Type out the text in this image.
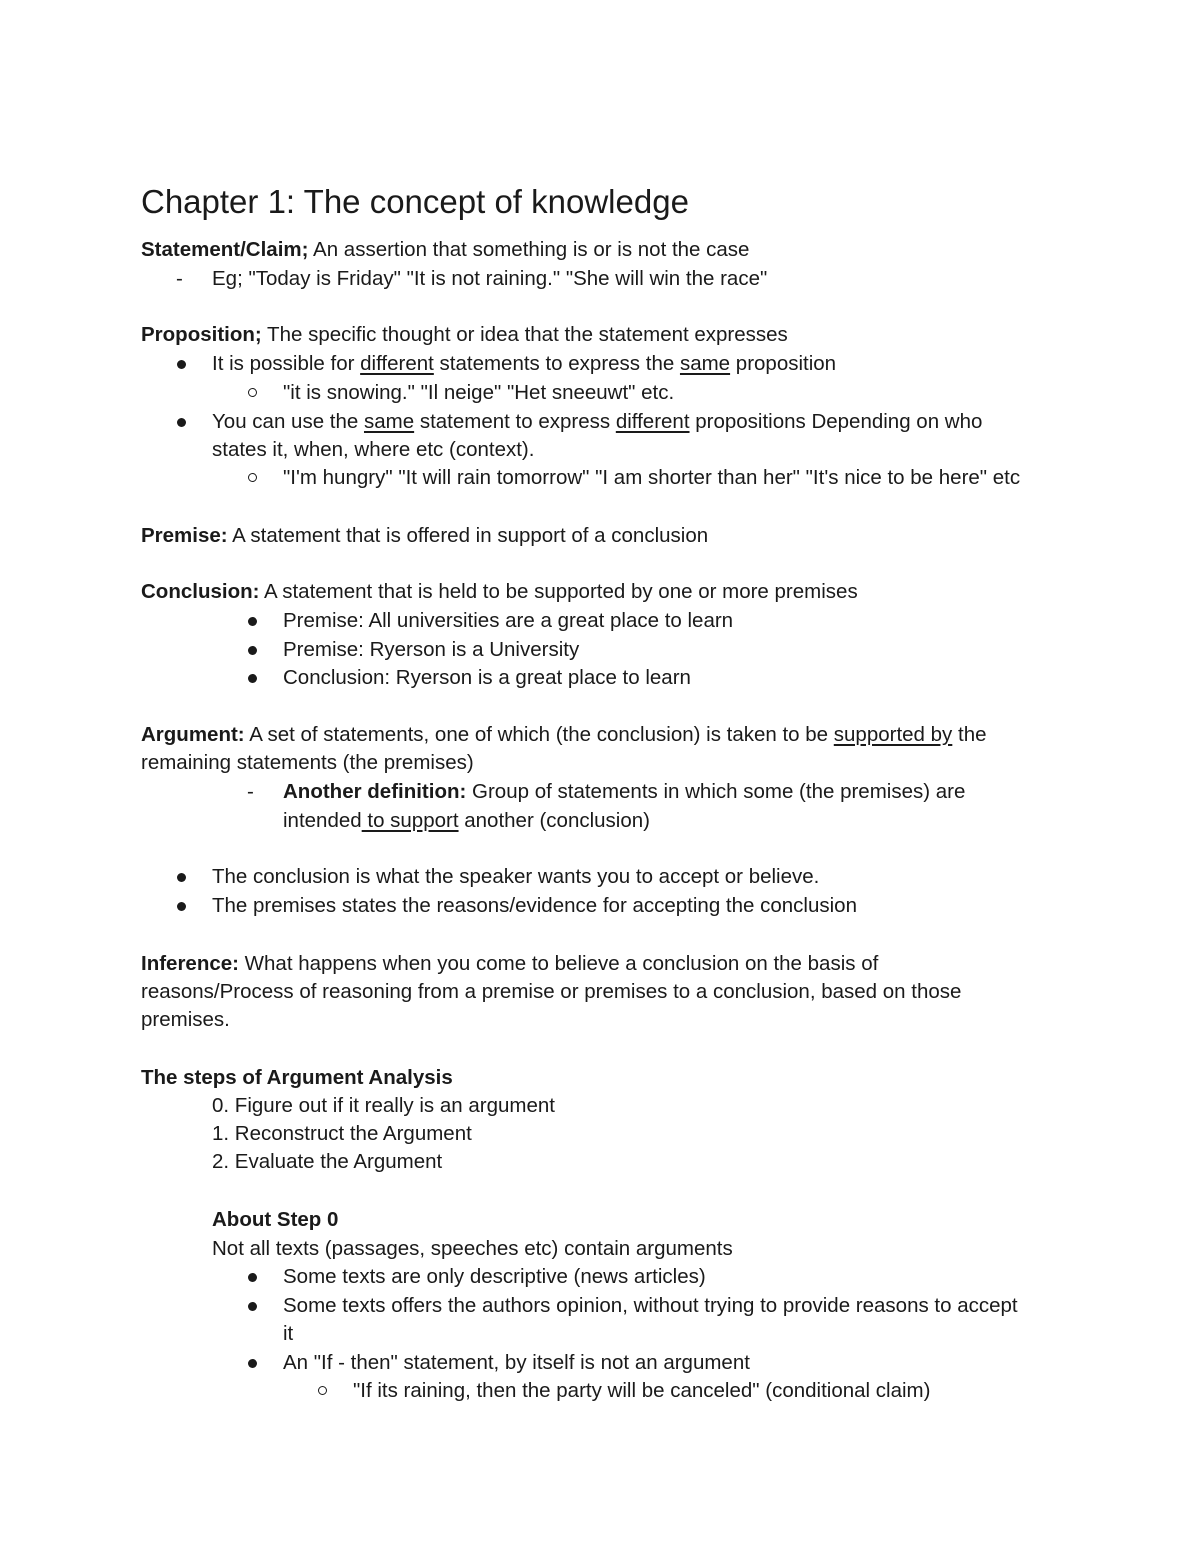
Chapter 1: The concept of knowledge
Statement/Claim; An assertion that something is or is not the case
- Eg; "Today is Friday" "It is not raining." "She will win the race"
Proposition; The specific thought or idea that the statement expresses
It is possible for different statements to express the same proposition
"it is snowing." "Il neige" "Het sneeuwt" etc.
You can use the same statement to express different propositions Depending on who
states it, when, where etc (context).
"I'm hungry" "It will rain tomorrow" "I am shorter than her" "It's nice to be here" etc
Premise: A statement that is offered in support of a conclusion
Conclusion: A statement that is held to be supported by one or more premises
Premise: All universities are a great place to learn
Premise: Ryerson is a University
Conclusion: Ryerson is a great place to learn
Argument: A set of statements, one of which (the conclusion) is taken to be supported by the
remaining statements (the premises)
- Another definition: Group of statements in which some (the premises) are
intended to support another (conclusion)
The conclusion is what the speaker wants you to accept or believe.
The premises states the reasons/evidence for accepting the conclusion
Inference: What happens when you come to believe a conclusion on the basis of
reasons/Process of reasoning from a premise or premises to a conclusion, based on those
premises.
The steps of Argument Analysis
0. Figure out if it really is an argument
1. Reconstruct the Argument
2. Evaluate the Argument
About Step 0
Not all texts (passages, speeches etc) contain arguments
Some texts are only descriptive (news articles)
Some texts offers the authors opinion, without trying to provide reasons to accept
it
An "If - then" statement, by itself is not an argument
"If its raining, then the party will be canceled" (conditional claim)
